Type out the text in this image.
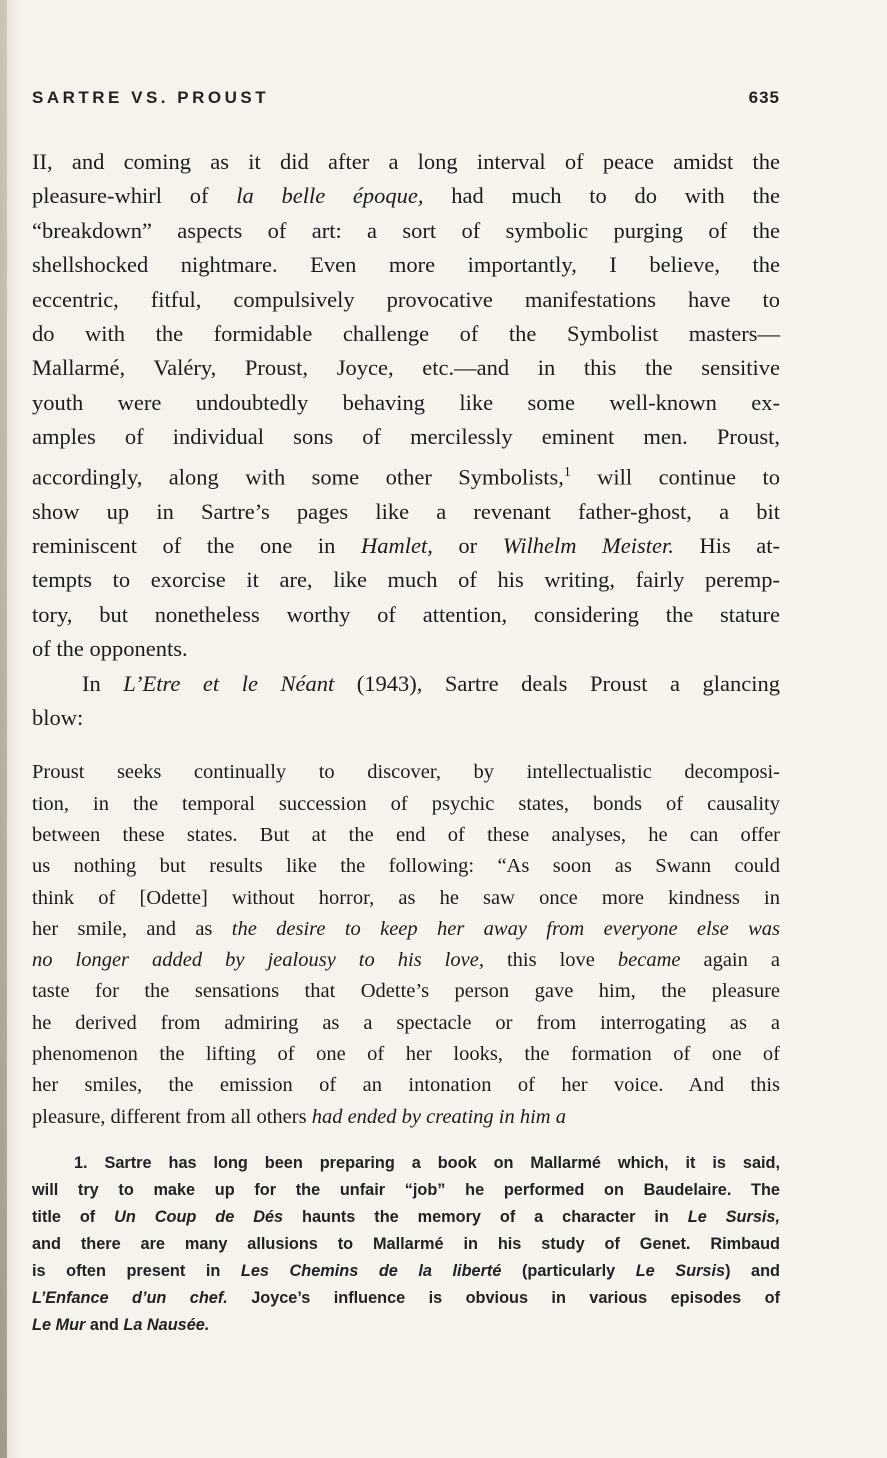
SARTRE VS. PROUST	635
II, and coming as it did after a long interval of peace amidst the
pleasure-whirl of la belle époque, had much to do with the
“breakdown” aspects of art: a sort of symbolic purging of the
shellshocked nightmare. Even more importantly, I believe, the
eccentric, fitful, compulsively provocative manifestations have to
do with the formidable challenge of the Symbolist masters—
Mallarmé, Valéry, Proust, Joyce, etc.—and in this the sensitive
youth were undoubtedly behaving like some well-known ex-
amples of individual sons of mercilessly eminent men. Proust,
accordingly, along with some other Symbolists,$^1$ will continue to
show up in Sartre’s pages like a revenant father-ghost, a bit
reminiscent of the one in Hamlet, or Wilhelm Meister. His at-
tempts to exorcise it are, like much of his writing, fairly peremp-
tory, but nonetheless worthy of attention, considering the stature
of the opponents.
In L’Etre et le Néant (1943), Sartre deals Proust a glancing
blow:
Proust seeks continually to discover, by intellectualistic decomposi-
tion, in the temporal succession of psychic states, bonds of causality
between these states. But at the end of these analyses, he can offer
us nothing but results like the following: “As soon as Swann could
think of [Odette] without horror, as he saw once more kindness in
her smile, and as the desire to keep her away from everyone else was
no longer added by jealousy to his love, this love became again a
taste for the sensations that Odette’s person gave him, the pleasure
he derived from admiring as a spectacle or from interrogating as a
phenomenon the lifting of one of her looks, the formation of one of
her smiles, the emission of an intonation of her voice. And this
pleasure, different from all others had ended by creating in him a
1. Sartre has long been preparing a book on Mallarmé which, it is said,
will try to make up for the unfair “job” he performed on Baudelaire. The
title of Un Coup de Dés haunts the memory of a character in Le Sursis,
and there are many allusions to Mallarmé in his study of Genet. Rimbaud
is often present in Les Chemins de la liberté (particularly Le Sursis) and
L’Enfance d’un chef. Joyce’s influence is obvious in various episodes of
Le Mur and La Nausée.
